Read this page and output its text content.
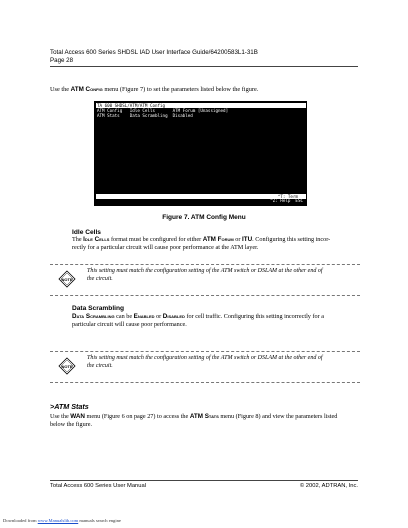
Total Access 600 Series SHDSL IAD User Interface Guide/64200583L1-31B
Page 28
Use the ATM Config menu (Figure 7) to set the parameters listed below the figure.
TA 600 SHDSL/ATM/ATM Config
ATM Config   Idle Cells       ATM Forum [Unassigned]
ATM Stats    Data Scrambling  Disabled

SHDSL SHDSL IAD

^T: Term

^Z: Help  ESC
Figure 7. ATM Config Menu
Idle Cells
The Idle Cells format must be configured for either ATM Forum or ITU. Configuring this setting incor-
rectly for a particular circuit will cause poor performance at the ATM layer.
NOTE
This setting must match the configuration setting of the ATM switch or DSLAM at the other end of
the circuit.
Data Scrambling
Data Scrambling can be Enabled or Disabled for cell traffic. Configuring this setting incorrectly for a
particular circuit will cause poor performance.
NOTE
This setting must match the configuration setting of the ATM switch or DSLAM at the other end of
the circuit.
>ATM Stats
Use the WAN menu (Figure 6 on page 27) to access the ATM Stats menu (Figure 8) and view the parameters listed
below the figure.
Total Access 600 Series User Manual	© 2002, ADTRAN, Inc.
Downloaded from www.Manualslib.com manuals search engine
